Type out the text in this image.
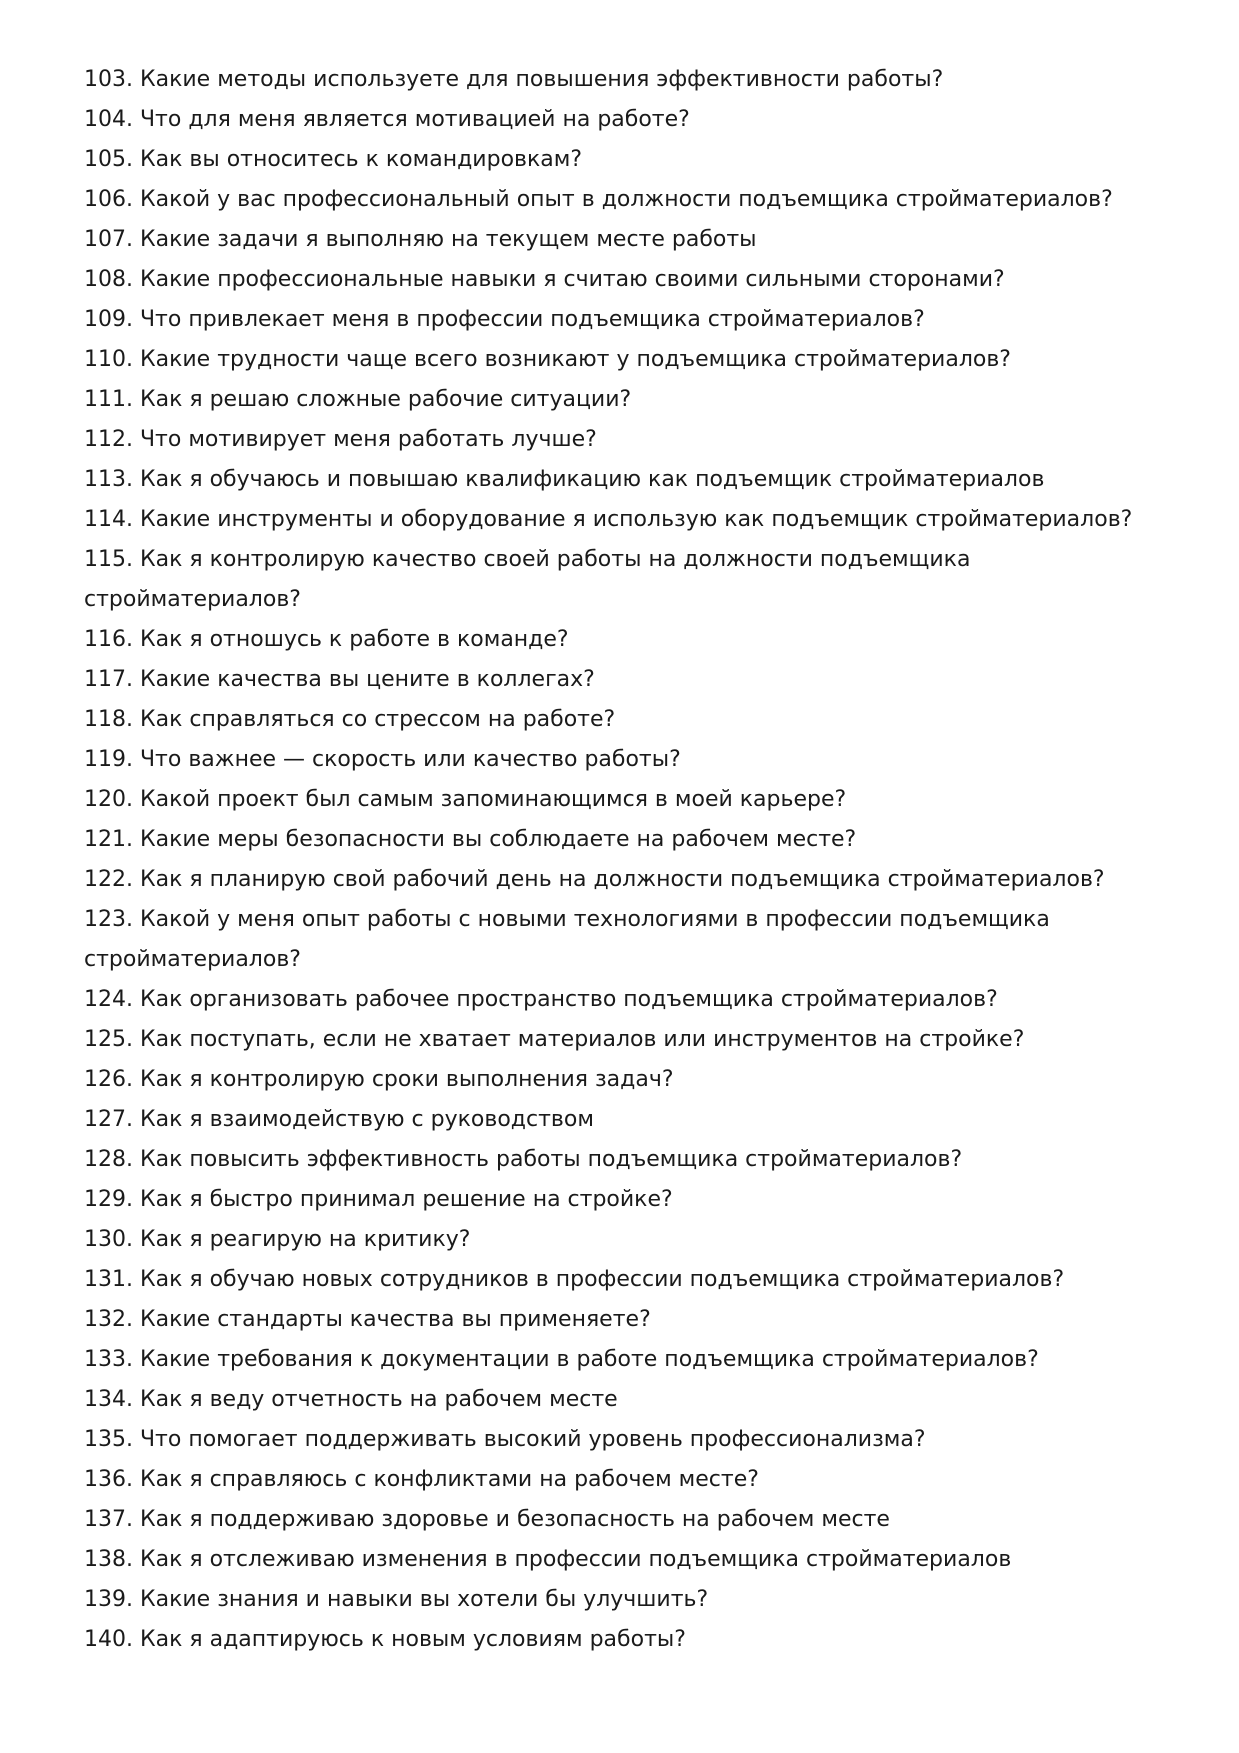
103. Какие методы используете для повышения эффективности работы?
104. Что для меня является мотивацией на работе?
105. Как вы относитесь к командировкам?
106. Какой у вас профессиональный опыт в должности подъемщика стройматериалов?
107. Какие задачи я выполняю на текущем месте работы
108. Какие профессиональные навыки я считаю своими сильными сторонами?
109. Что привлекает меня в профессии подъемщика стройматериалов?
110. Какие трудности чаще всего возникают у подъемщика стройматериалов?
111. Как я решаю сложные рабочие ситуации?
112. Что мотивирует меня работать лучше?
113. Как я обучаюсь и повышаю квалификацию как подъемщик стройматериалов
114. Какие инструменты и оборудование я использую как подъемщик стройматериалов?
115. Как я контролирую качество своей работы на должности подъемщика стройматериалов?
116. Как я отношусь к работе в команде?
117. Какие качества вы цените в коллегах?
118. Как справляться со стрессом на работе?
119. Что важнее — скорость или качество работы?
120. Какой проект был самым запоминающимся в моей карьере?
121. Какие меры безопасности вы соблюдаете на рабочем месте?
122. Как я планирую свой рабочий день на должности подъемщика стройматериалов?
123. Какой у меня опыт работы с новыми технологиями в профессии подъемщика стройматериалов?
124. Как организовать рабочее пространство подъемщика стройматериалов?
125. Как поступать, если не хватает материалов или инструментов на стройке?
126. Как я контролирую сроки выполнения задач?
127. Как я взаимодействую с руководством
128. Как повысить эффективность работы подъемщика стройматериалов?
129. Как я быстро принимал решение на стройке?
130. Как я реагирую на критику?
131. Как я обучаю новых сотрудников в профессии подъемщика стройматериалов?
132. Какие стандарты качества вы применяете?
133. Какие требования к документации в работе подъемщика стройматериалов?
134. Как я веду отчетность на рабочем месте
135. Что помогает поддерживать высокий уровень профессионализма?
136. Как я справляюсь с конфликтами на рабочем месте?
137. Как я поддерживаю здоровье и безопасность на рабочем месте
138. Как я отслеживаю изменения в профессии подъемщика стройматериалов
139. Какие знания и навыки вы хотели бы улучшить?
140. Как я адаптируюсь к новым условиям работы?
